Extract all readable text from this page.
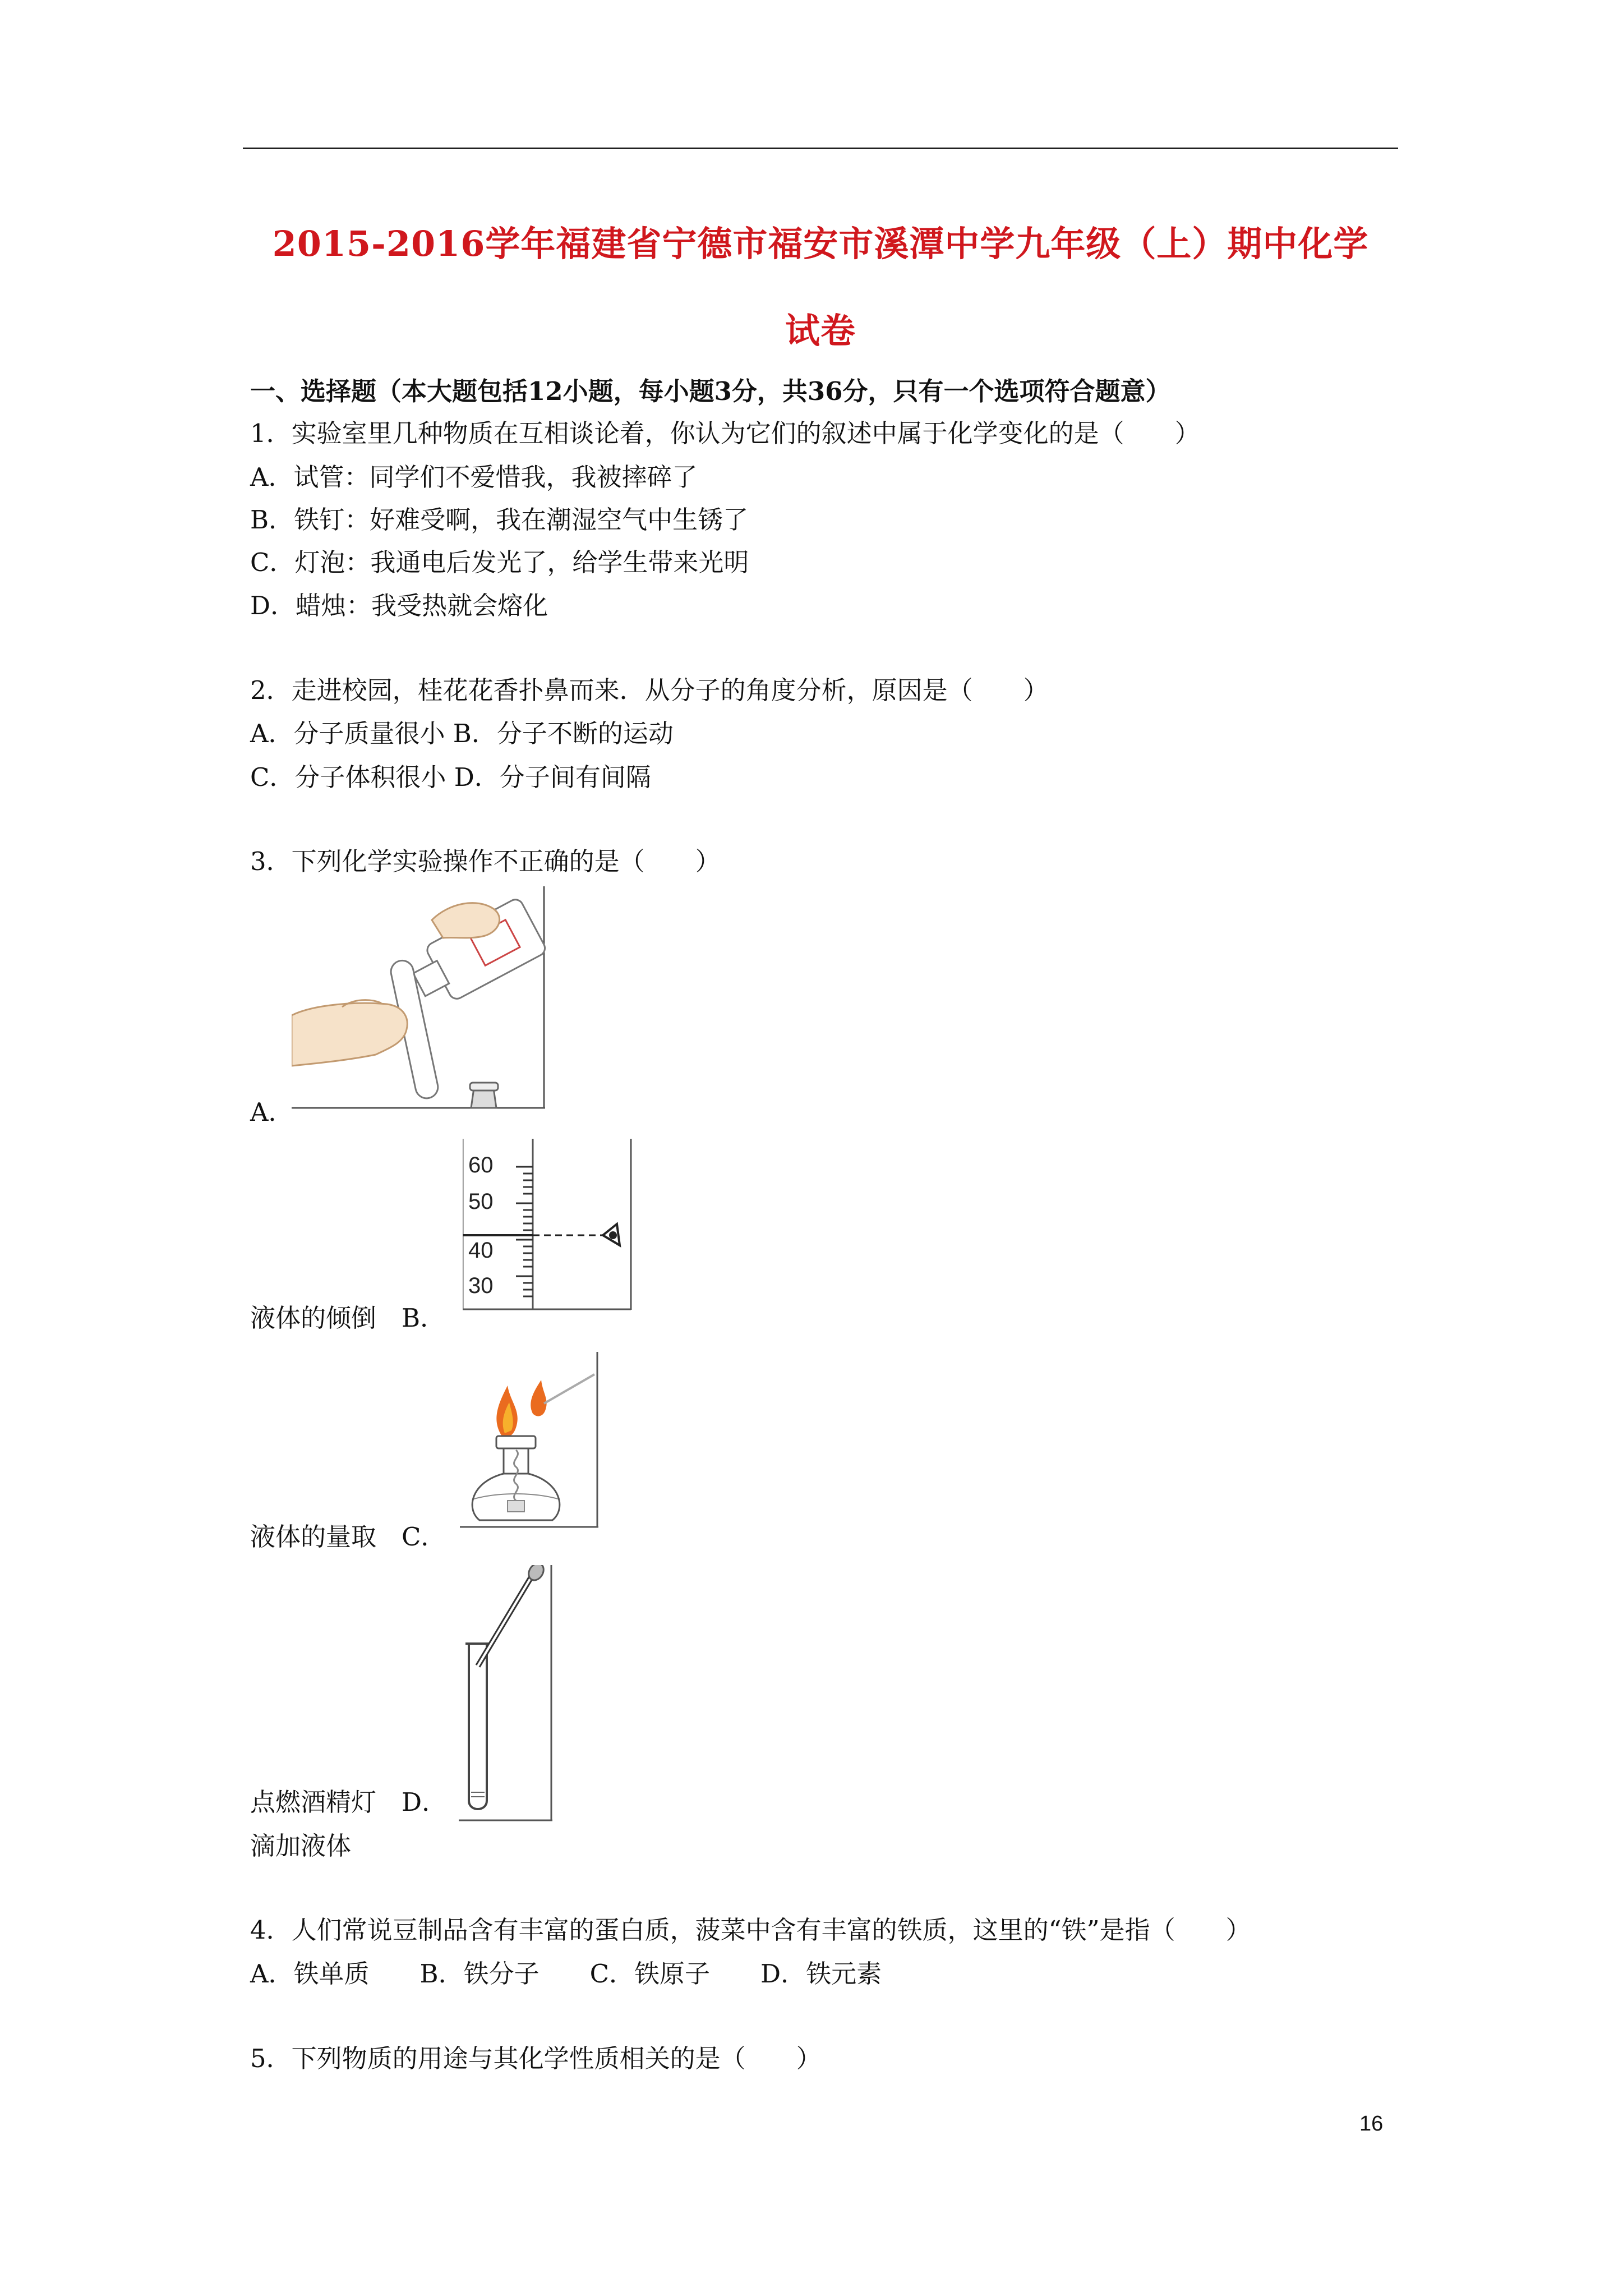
2015-2016学年福建省宁德市福安市溪潭中学九年级（上）期中化学
试卷
一、选择题（本大题包括12小题，每小题3分，共36分，只有一个选项符合题意）
1．实验室里几种物质在互相谈论着，你认为它们的叙述中属于化学变化的是（　　）
A．试管：同学们不爱惜我，我被摔碎了
B．铁钉：好难受啊，我在潮湿空气中生锈了
C．灯泡：我通电后发光了，给学生带来光明
D．蜡烛：我受热就会熔化
2．走进校园，桂花花香扑鼻而来．从分子的角度分析，原因是（　　）
A．分子质量很小 B．分子不断的运动
C．分子体积很小 D．分子间有间隔
3．下列化学实验操作不正确的是（　　）
A．
60
50
40
30
液体的倾倒　B．
液体的量取　C．
点燃酒精灯　D．
滴加液体
4．人们常说豆制品含有丰富的蛋白质，菠菜中含有丰富的铁质，这里的“铁”是指（　　）
A．铁单质　　B．铁分子　　C．铁原子　　D．铁元素
5．下列物质的用途与其化学性质相关的是（　　）
16
